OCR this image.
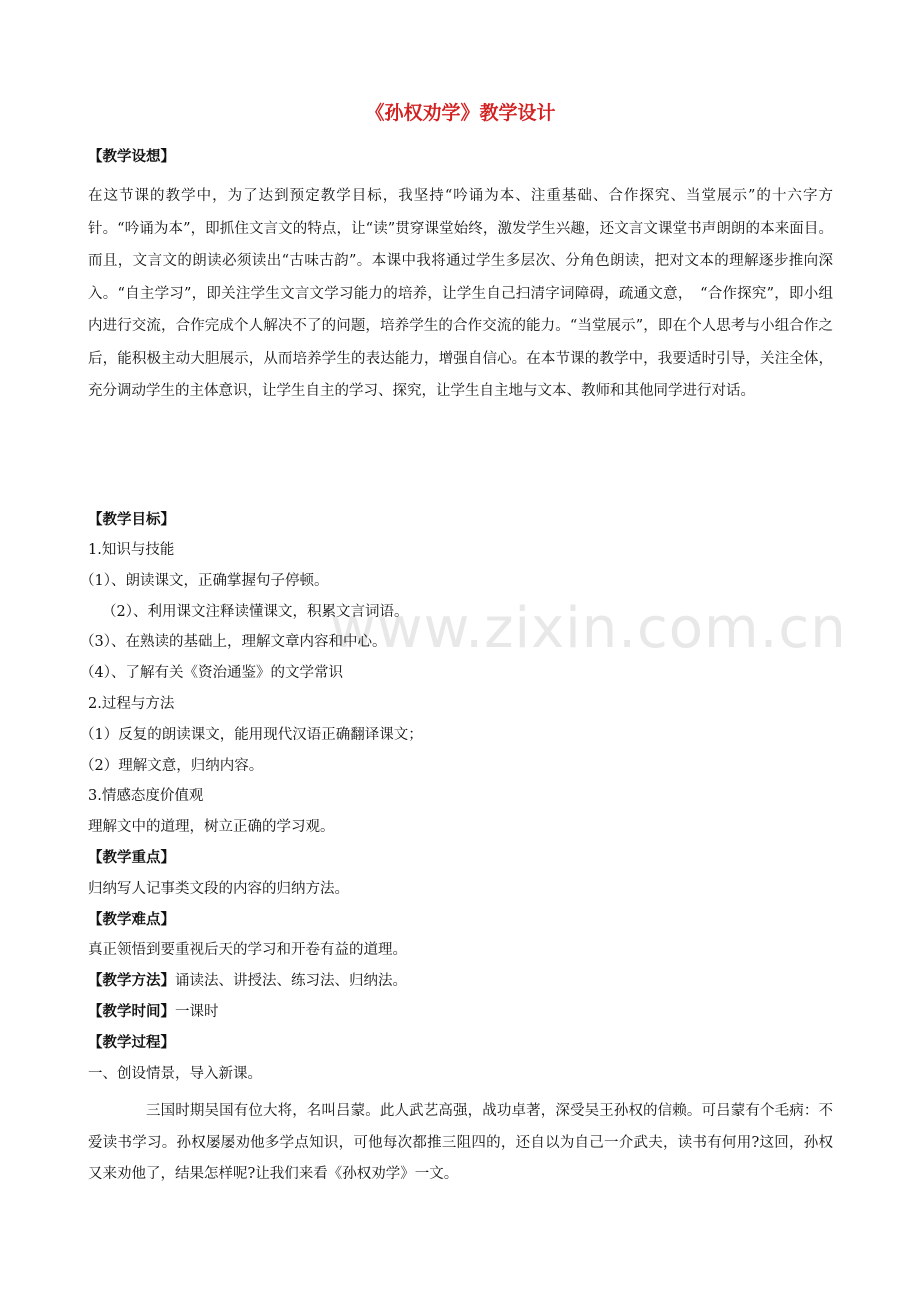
www.zixin.com.cn
《孙权劝学》教学设计
【教学设想】

在这节课的教学中，为了达到预定教学目标，我坚持“吟诵为本、注重基础、合作探究、当堂展示”的十六字方针。“吟诵为本”，即抓住文言文的特点，让“读”贯穿课堂始终，激发学生兴趣，还文言文课堂书声朗朗的本来面目。而且，文言文的朗读必须读出“古味古韵”。本课中我将通过学生多层次、分角色朗读，把对文本的理解逐步推向深入。“自主学习”，即关注学生文言文学习能力的培养，让学生自己扫清字词障碍，疏通文意，　“合作探究”，即小组内进行交流，合作完成个人解决不了的问题，培养学生的合作交流的能力。“当堂展示”，即在个人思考与小组合作之后，能积极主动大胆展示，从而培养学生的表达能力，增强自信心。在本节课的教学中，我要适时引导，关注全体，充分调动学生的主体意识，让学生自主的学习、探究，让学生自主地与文本、教师和其他同学进行对话。

【教学目标】
1.知识与技能
（1）、朗读课文，正确掌握句子停顿。
（2）、利用课文注释读懂课文，积累文言词语。
（3）、在熟读的基础上，理解文章内容和中心。
（4）、了解有关《资治通鉴》的文学常识
2.过程与方法
（1）反复的朗读课文，能用现代汉语正确翻译课文；
（2）理解文意，归纳内容。
3.情感态度价值观
理解文中的道理，树立正确的学习观。
【教学重点】
归纳写人记事类文段的内容的归纳方法。
【教学难点】
真正领悟到要重视后天的学习和开卷有益的道理。
【教学方法】诵读法、讲授法、练习法、归纳法。
【教学时间】一课时
【教学过程】
一、创设情景，导入新课。

三国时期吴国有位大将，名叫吕蒙。此人武艺高强，战功卓著，深受吴王孙权的信赖。可吕蒙有个毛病：不爱读书学习。孙权屡屡劝他多学点知识，可他每次都推三阻四的，还自以为自己一介武夫，读书有何用?这回，孙权又来劝他了，结果怎样呢?让我们来看《孙权劝学》一文。
